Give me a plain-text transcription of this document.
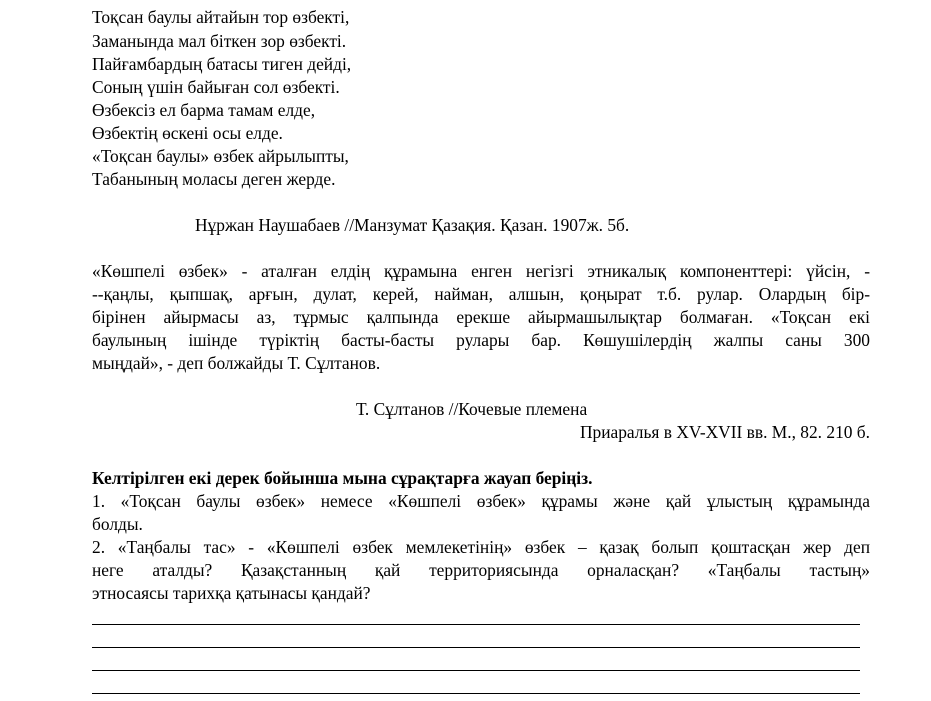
Тоқсан баулы айтайын тор өзбекті,
Заманында мал біткен зор өзбекті.
Пайғамбардың батасы тиген дейді,
Соның үшін байыған сол өзбекті.
Өзбексіз ел барма тамам елде,
Өзбектің өскені осы елде.
«Тоқсан баулы» өзбек айрылыпты,
Табанының моласы деген жерде.
Нұржан Наушабаев //Манзумат Қазақия. Қазан. 1907ж. 5б.
«Көшпелі өзбек» - аталған елдің құрамына енген негізгі этникалық компоненттері: үйсін, -
--қаңлы, қыпшақ, арғын, дулат, керей, найман, алшын, қоңырат т.б. рулар. Олардың бір-
бірінен айырмасы аз, тұрмыс қалпында ерекше айырмашылықтар болмаған. «Тоқсан екі
баулының ішінде түріктің басты-басты рулары бар. Көшушілердің жалпы саны 300
мыңдай», - деп болжайды Т. Сұлтанов.
Т. Сұлтанов //Кочевые племена
Приаралья в XV-XVII вв. М., 82. 210 б.
Келтірілген екі дерек бойынша мына сұрақтарға жауап беріңіз.
1. «Тоқсан баулы өзбек» немесе «Көшпелі өзбек» құрамы және қай ұлыстың құрамында
болды.
2. «Таңбалы тас» - «Көшпелі өзбек мемлекетінің» өзбек – қазақ болып қоштасқан жер деп
неге аталды? Қазақстанның қай территориясында орналасқан? «Таңбалы тастың»
этносаясы тарихқа қатынасы қандай?
